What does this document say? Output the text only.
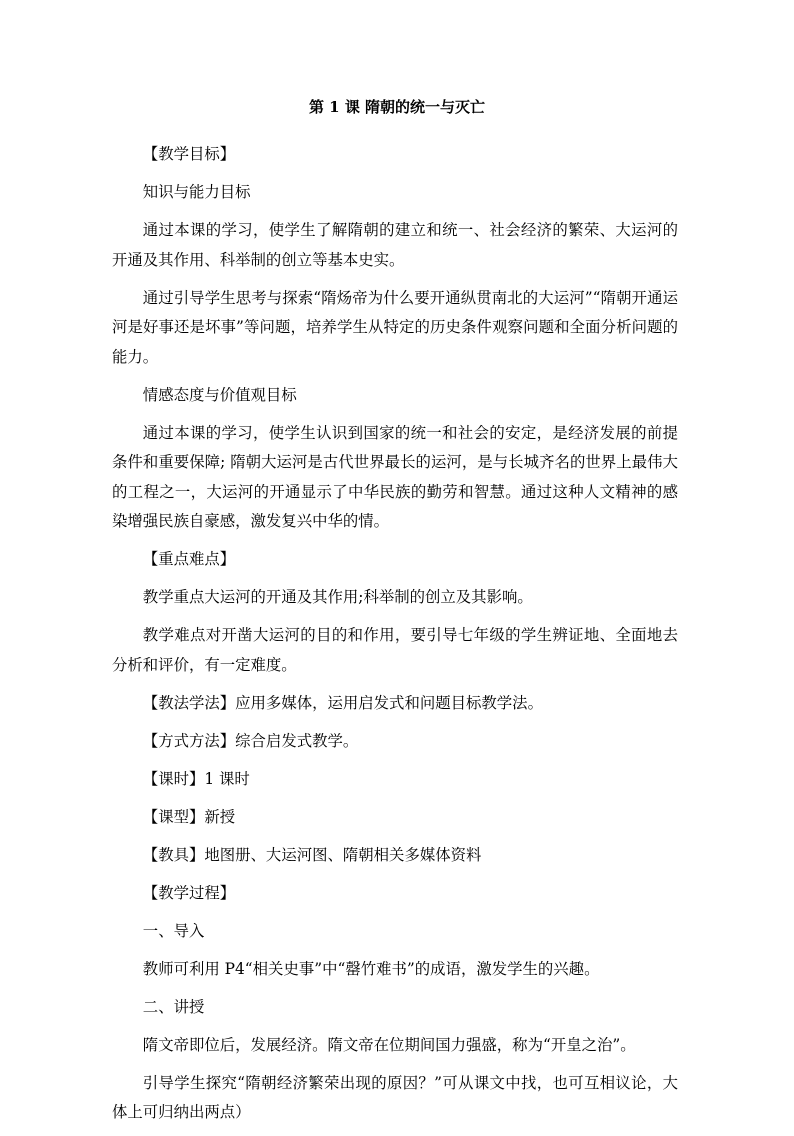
第 1 课 隋朝的统一与灭亡

【教学目标】

知识与能力目标

通过本课的学习，使学生了解隋朝的建立和统一、社会经济的繁荣、大运河的开通及其作用、科举制的创立等基本史实。

通过引导学生思考与探索“隋炀帝为什么要开通纵贯南北的大运河”“隋朝开通运河是好事还是坏事”等问题，培养学生从特定的历史条件观察问题和全面分析问题的能力。

情感态度与价值观目标

通过本课的学习，使学生认识到国家的统一和社会的安定，是经济发展的前提条件和重要保障; 隋朝大运河是古代世界最长的运河，是与长城齐名的世界上最伟大的工程之一，大运河的开通显示了中华民族的勤劳和智慧。通过这种人文精神的感染增强民族自豪感，激发复兴中华的情。

【重点难点】

教学重点大运河的开通及其作用;科举制的创立及其影响。

教学难点对开凿大运河的目的和作用，要引导七年级的学生辨证地、全面地去分析和评价，有一定难度。

【教法学法】应用多媒体，运用启发式和问题目标教学法。

【方式方法】综合启发式教学。

【课时】1 课时

【课型】新授

【教具】地图册、大运河图、隋朝相关多媒体资料

【教学过程】

一、导入

教师可利用 P4“相关史事”中“罄竹难书”的成语，激发学生的兴趣。

二、讲授

隋文帝即位后，发展经济。隋文帝在位期间国力强盛，称为“开皇之治”。

引导学生探究“隋朝经济繁荣出现的原因？”可从课文中找，也可互相议论，大体上可归纳出两点）
